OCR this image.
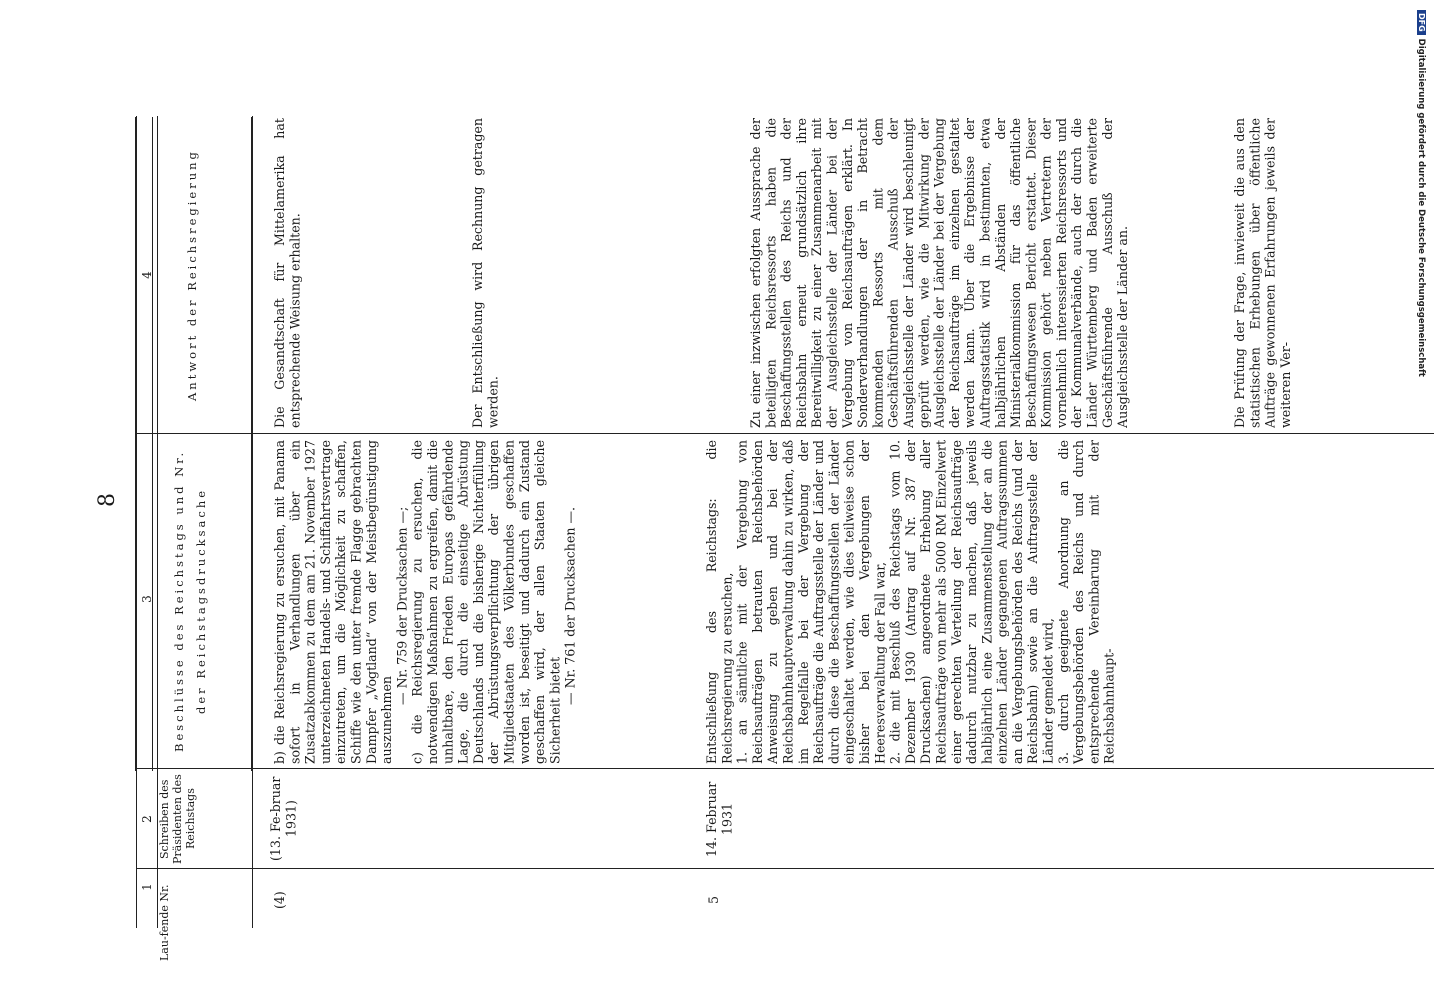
8
DFGDigitalisierung gefördert durch die Deutsche Forschungsgemeinschaft
1
2
3
4
Lau-fende Nr.
Schreiben des Präsidenten des Reichstags
Beschlüsse des Reichstags und Nr. der Reichstagsdrucksache
Antwort der Reichsregierung
(4)
(13. Fe-bruar 1931)

b) die Reichsregierung zu ersuchen, mit Panama sofort in Verhandlungen über ein Zusatzabkommen zu dem am 21. November 1927 unterzeichneten Handels- und Schiffahrtsvertrage einzutreten, um die Möglichkeit zu schaffen, Schiffe wie den unter fremde Flagge gebrachten Dampfer „Vogtland“ von der Meistbegünstigung auszunehmen

— Nr. 759 der Drucksachen —; c) die Reichsregierung zu ersuchen, die notwendigen Maßnahmen zu ergreifen, damit die unhaltbare, den Frieden Europas gefährdende Lage, die durch die einseitige Abrüstung Deutschlands und die bisherige Nichterfüllung der Abrüstungsverpflichtung der übrigen Mitgliedstaaten des Völkerbundes geschaffen worden ist, beseitigt und dadurch ein Zustand geschaffen wird, der allen Staaten gleiche Sicherheit bietet

— Nr. 761 der Drucksachen —.

Die Gesandtschaft für Mittelamerika hat entsprechende Weisung erhalten.	Der Entschließung wird Rechnung getragen werden.
5
14. Februar 1931

Entschließung des Reichstags: die Reichsregierung zu ersuchen, 1. an sämtliche mit der Vergebung von Reichsaufträgen betrauten Reichsbehörden Anweisung zu geben und bei der Reichsbahnhauptverwaltung dahin zu wirken, daß im Regelfalle bei der Vergebung der Reichsaufträge die Auftragsstelle der Länder und durch diese die Beschaffungsstellen der Länder eingeschaltet werden, wie dies teilweise schon bisher bei den Vergebungen der Heeresverwaltung der Fall war, 2. die mit Beschluß des Reichstags vom 10. Dezember 1930 (Antrag auf Nr. 387 der Drucksachen) angeordnete Erhebung aller Reichsaufträge von mehr als 5000 RM Einzelwert einer gerechten Verteilung der Reichsaufträge dadurch nutzbar zu machen, daß jeweils halbjährlich eine Zusammenstellung der an die einzelnen Länder gegangenen Auftragssummen an die Vergebungsbehörden des Reichs (und der Reichsbahn) sowie an die Auftragsstelle der Länder gemeldet wird, 3. durch geeignete Anordnung an die Vergebungsbehörden des Reichs und durch entsprechende Vereinbarung mit der Reichsbahnhaupt-

Zu einer inzwischen erfolgten Aussprache der beteiligten Reichsressorts haben die Beschaffungsstellen des Reichs und der Reichsbahn erneut grundsätzlich ihre Bereitwilligkeit zu einer Zusammenarbeit mit der Ausgleichsstelle der Länder bei der Vergebung von Reichsaufträgen erklärt. In Sonderverhandlungen der in Betracht kommenden Ressorts mit dem Geschäftsführenden Ausschuß der Ausgleichsstelle der Länder wird beschleunigt geprüft werden, wie die Mitwirkung der Ausgleichsstelle der Länder bei der Vergebung der Reichsaufträge im einzelnen gestaltet werden kann. Über die Ergebnisse der Auftragsstatistik wird in bestimmten, etwa halbjährlichen Abständen der Ministerialkommission für das öffentliche Beschaffungswesen Bericht erstattet. Dieser Kommission gehört neben Vertretern der vornehmlich interessierten Reichsressorts und der Kommunalverbände, auch der durch die Länder Württemberg und Baden erweiterte Geschäftsführende Ausschuß der Ausgleichsstelle der Länder an.	Die Prüfung der Frage, inwieweit die aus den statistischen Erhebungen über öffentliche Aufträge gewonnenen Erfahrungen jeweils der weiteren Ver-
